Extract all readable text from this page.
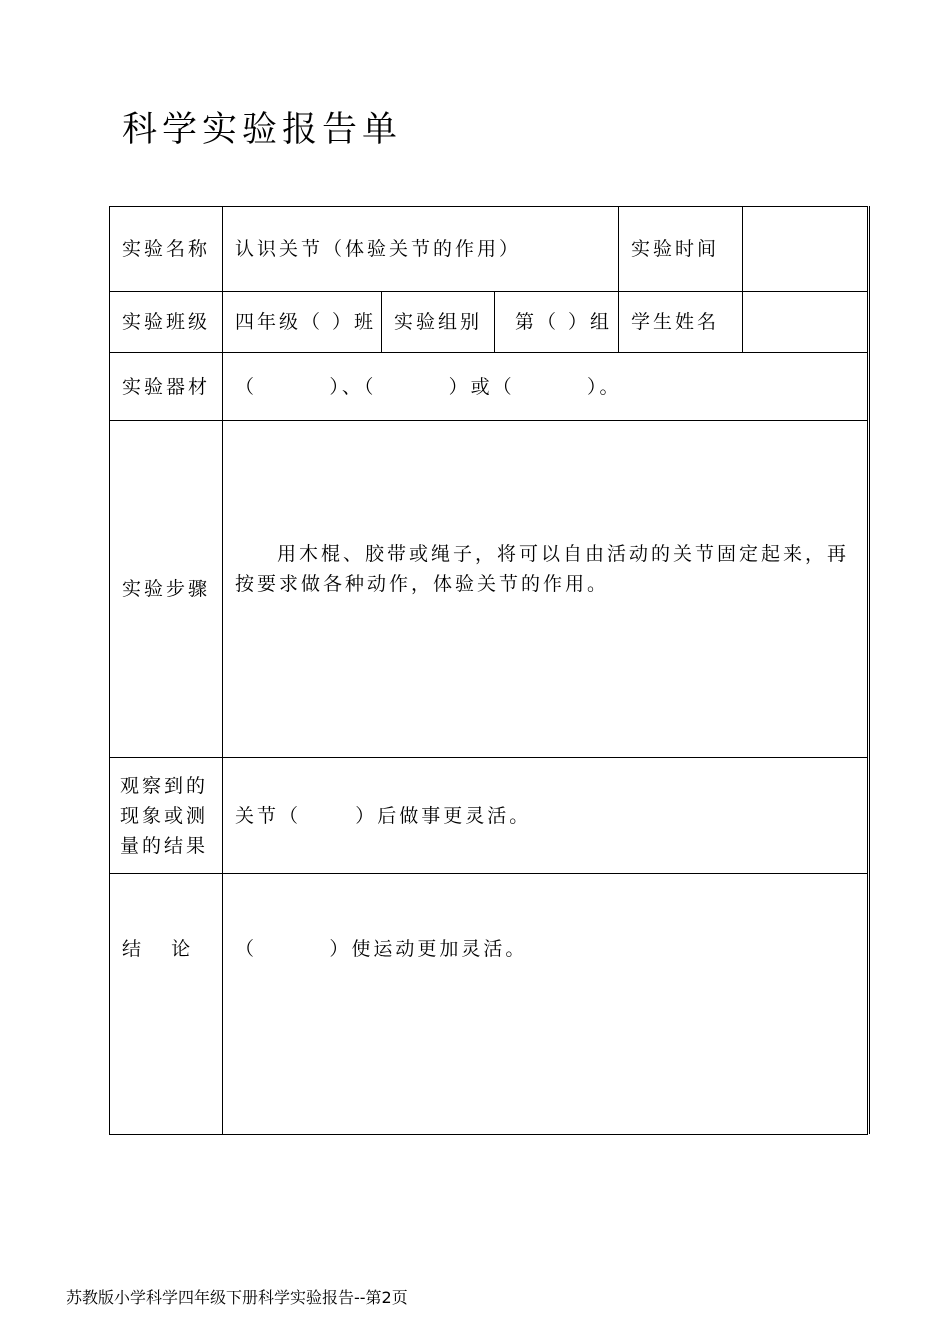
科学实验报告单
实验名称	认识关节（体验关节的作用）			实验时间	
实验班级	四年级（ ）班	实验组别	第（ ）组	学生姓名	
实验器材	（        ）、（        ）或（        ）。				
实验步骤	用木棍、胶带或绳子，将可以自由活动的关节固定起来，再按要求做各种动作，体验关节的作用。				

观察到的现象或测量的结果	关节（      ）后做事更灵活。				

结   论	（        ）使运动更加灵活。				
苏教版小学科学四年级下册科学实验报告--第2页
